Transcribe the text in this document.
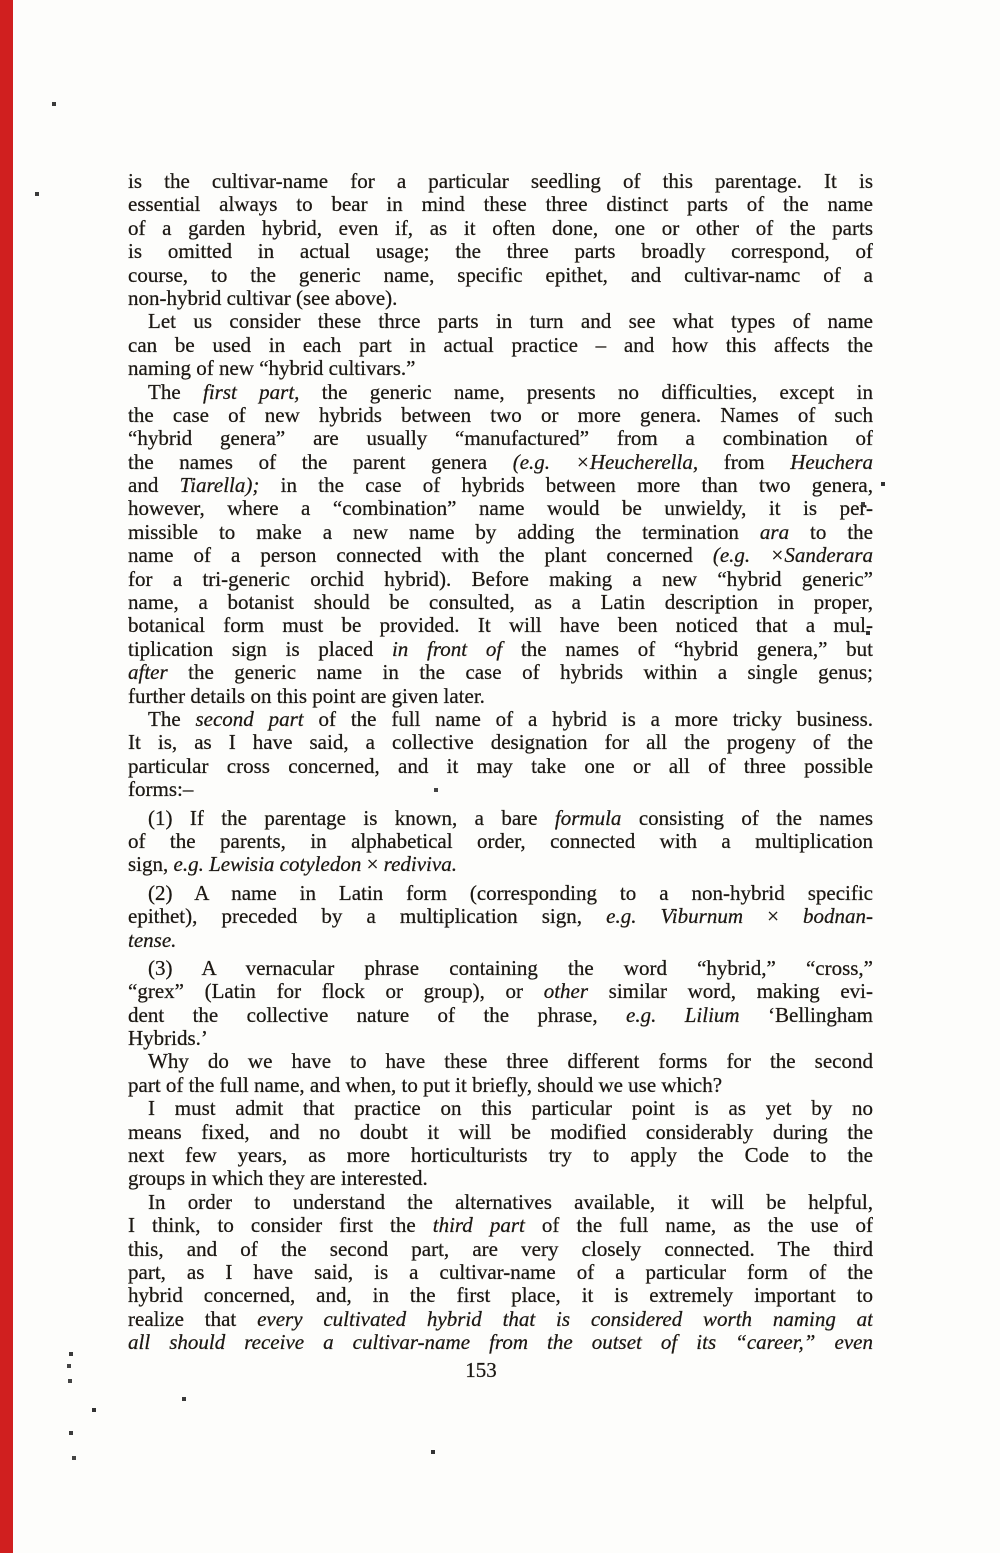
is the cultivar-name for a particular seedling of this parentage. It is
essential always to bear in mind these three distinct parts of the name
of a garden hybrid, even if, as it often done, one or other of the parts
is omitted in actual usage; the three parts broadly correspond, of
course, to the generic name, specific epithet, and cultivar-namc of a
non-hybrid cultivar (see above).
Let us consider these thrce parts in turn and see what types of name
can be used in each part in actual practice – and how this affects the
naming of new “hybrid cultivars.”
The first part, the generic name, presents no difficulties, except in
the case of new hybrids between two or more genera. Names of such
“hybrid genera” are usually “manufactured” from a combination of
the names of the parent genera (e.g. ×Heucherella, from Heuchera
and Tiarella); in the case of hybrids between more than two genera,
however, where a “combination” name would be unwieldy, it is per-
missible to make a new name by adding the termination ara to the
name of a person connected with the plant concerned (e.g. ×Sanderara
for a tri-generic orchid hybrid). Before making a new “hybrid generic”
name, a botanist should be consulted, as a Latin description in proper,
botanical form must be provided. It will have been noticed that a mul-
tiplication sign is placed in front of the names of “hybrid genera,” but
after the generic name in the case of hybrids within a single genus;
further details on this point are given later.
The second part of the full name of a hybrid is a more tricky business.
It is, as I have said, a collective designation for all the progeny of the
particular cross concerned, and it may take one or all of three possible
forms:–
(1) If the parentage is known, a bare formula consisting of the names
of the parents, in alphabetical order, connected with a multiplication
sign, e.g. Lewisia cotyledon × rediviva.
(2) A name in Latin form (corresponding to a non-hybrid specific
epithet), preceded by a multiplication sign, e.g. Viburnum × bodnan-
tense.
(3) A vernacular phrase containing the word “hybrid,” “cross,”
“grex” (Latin for flock or group), or other similar word, making evi-
dent the collective nature of the phrase, e.g. Lilium ‘Bellingham
Hybrids.’
Why do we have to have these three different forms for the second
part of the full name, and when, to put it briefly, should we use which?
I must admit that practice on this particular point is as yet by no
means fixed, and no doubt it will be modified considerably during the
next few years, as more horticulturists try to apply the Code to the
groups in which they are interested.
In order to understand the alternatives available, it will be helpful,
I think, to consider first the third part of the full name, as the use of
this, and of the second part, are very closely connected. The third
part, as I have said, is a cultivar-name of a particular form of the
hybrid concerned, and, in the first place, it is extremely important to
realize that every cultivated hybrid that is considered worth naming at
all should receive a cultivar-name from the outset of its “career,” even
153
